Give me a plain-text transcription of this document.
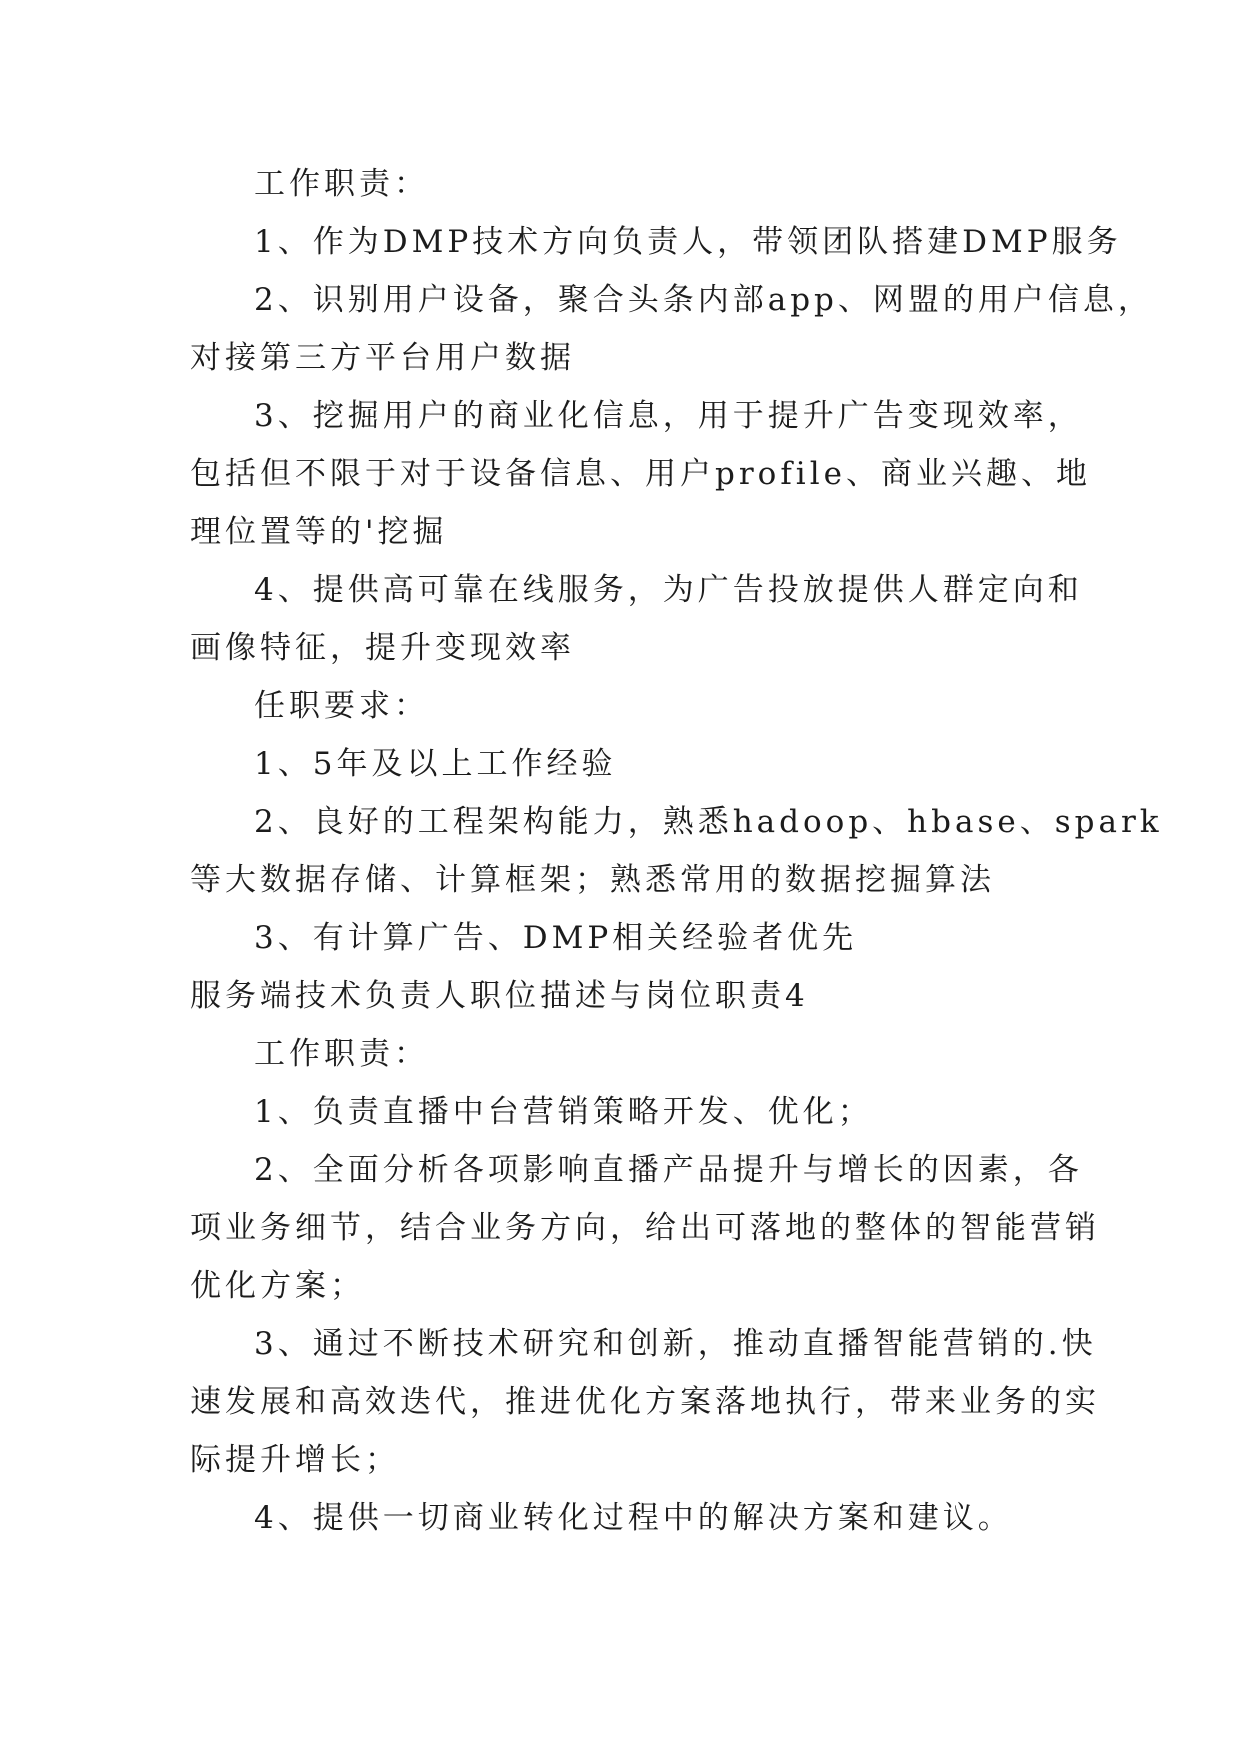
工作职责：
1、作为DMP技术方向负责人，带领团队搭建DMP服务
2、识别用户设备，聚合头条内部app、网盟的用户信息，
对接第三方平台用户数据
3、挖掘用户的商业化信息，用于提升广告变现效率，
包括但不限于对于设备信息、用户profile、商业兴趣、地
理位置等的'挖掘
4、提供高可靠在线服务，为广告投放提供人群定向和
画像特征，提升变现效率
任职要求：
1、5年及以上工作经验
2、良好的工程架构能力，熟悉hadoop、hbase、spark
等大数据存储、计算框架；熟悉常用的数据挖掘算法
3、有计算广告、DMP相关经验者优先
服务端技术负责人职位描述与岗位职责4
工作职责：
1、负责直播中台营销策略开发、优化；
2、全面分析各项影响直播产品提升与增长的因素，各
项业务细节，结合业务方向，给出可落地的整体的智能营销
优化方案；
3、通过不断技术研究和创新，推动直播智能营销的.快
速发展和高效迭代，推进优化方案落地执行，带来业务的实
际提升增长；
4、提供一切商业转化过程中的解决方案和建议。
